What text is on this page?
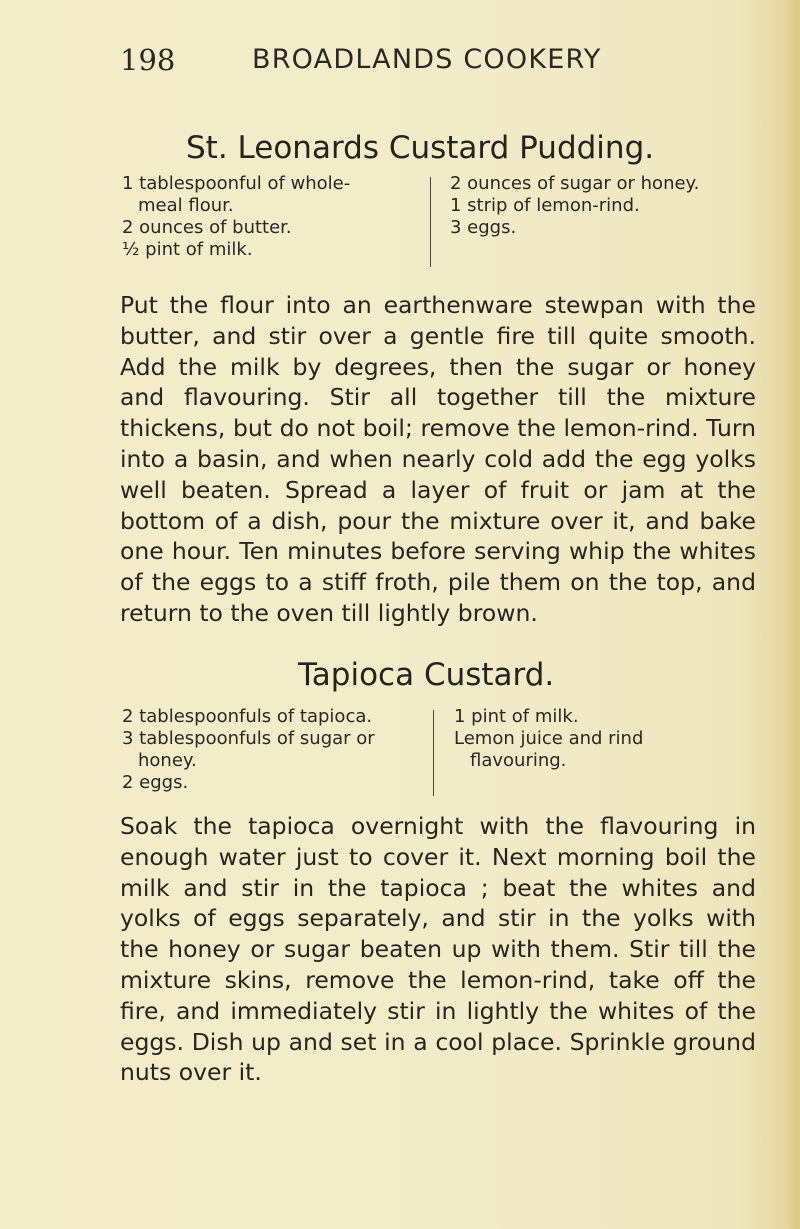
198	BROADLANDS COOKERY
St. Leonards Custard Pudding.
1 tablespoonful of whole-
meal flour.
2 ounces of butter.
½ pint of milk.
2 ounces of sugar or honey.
1 strip of lemon-rind.
3 eggs.

Put the flour into an earthenware stewpan with the butter, and stir over a gentle fire till quite smooth. Add the milk by degrees, then the sugar or honey and flavouring. Stir all together till the mixture thickens, but do not boil; remove the lemon-rind. Turn into a basin, and when nearly cold add the egg yolks well beaten. Spread a layer of fruit or jam at the bottom of a dish, pour the mixture over it, and bake one hour. Ten minutes before serving whip the whites of the eggs to a stiff froth, pile them on the top, and return to the oven till lightly brown.

Tapioca Custard.
2 tablespoonfuls of tapioca.
3 tablespoonfuls of sugar or
honey.
2 eggs.
1 pint of milk.
Lemon juice and rind
flavouring.

Soak the tapioca overnight with the flavouring in enough water just to cover it. Next morning boil the milk and stir in the tapioca ; beat the whites and yolks of eggs separately, and stir in the yolks with the honey or sugar beaten up with them. Stir till the mixture skins, remove the lemon-rind, take off the fire, and immediately stir in lightly the whites of the eggs. Dish up and set in a cool place. Sprinkle ground nuts over it.
